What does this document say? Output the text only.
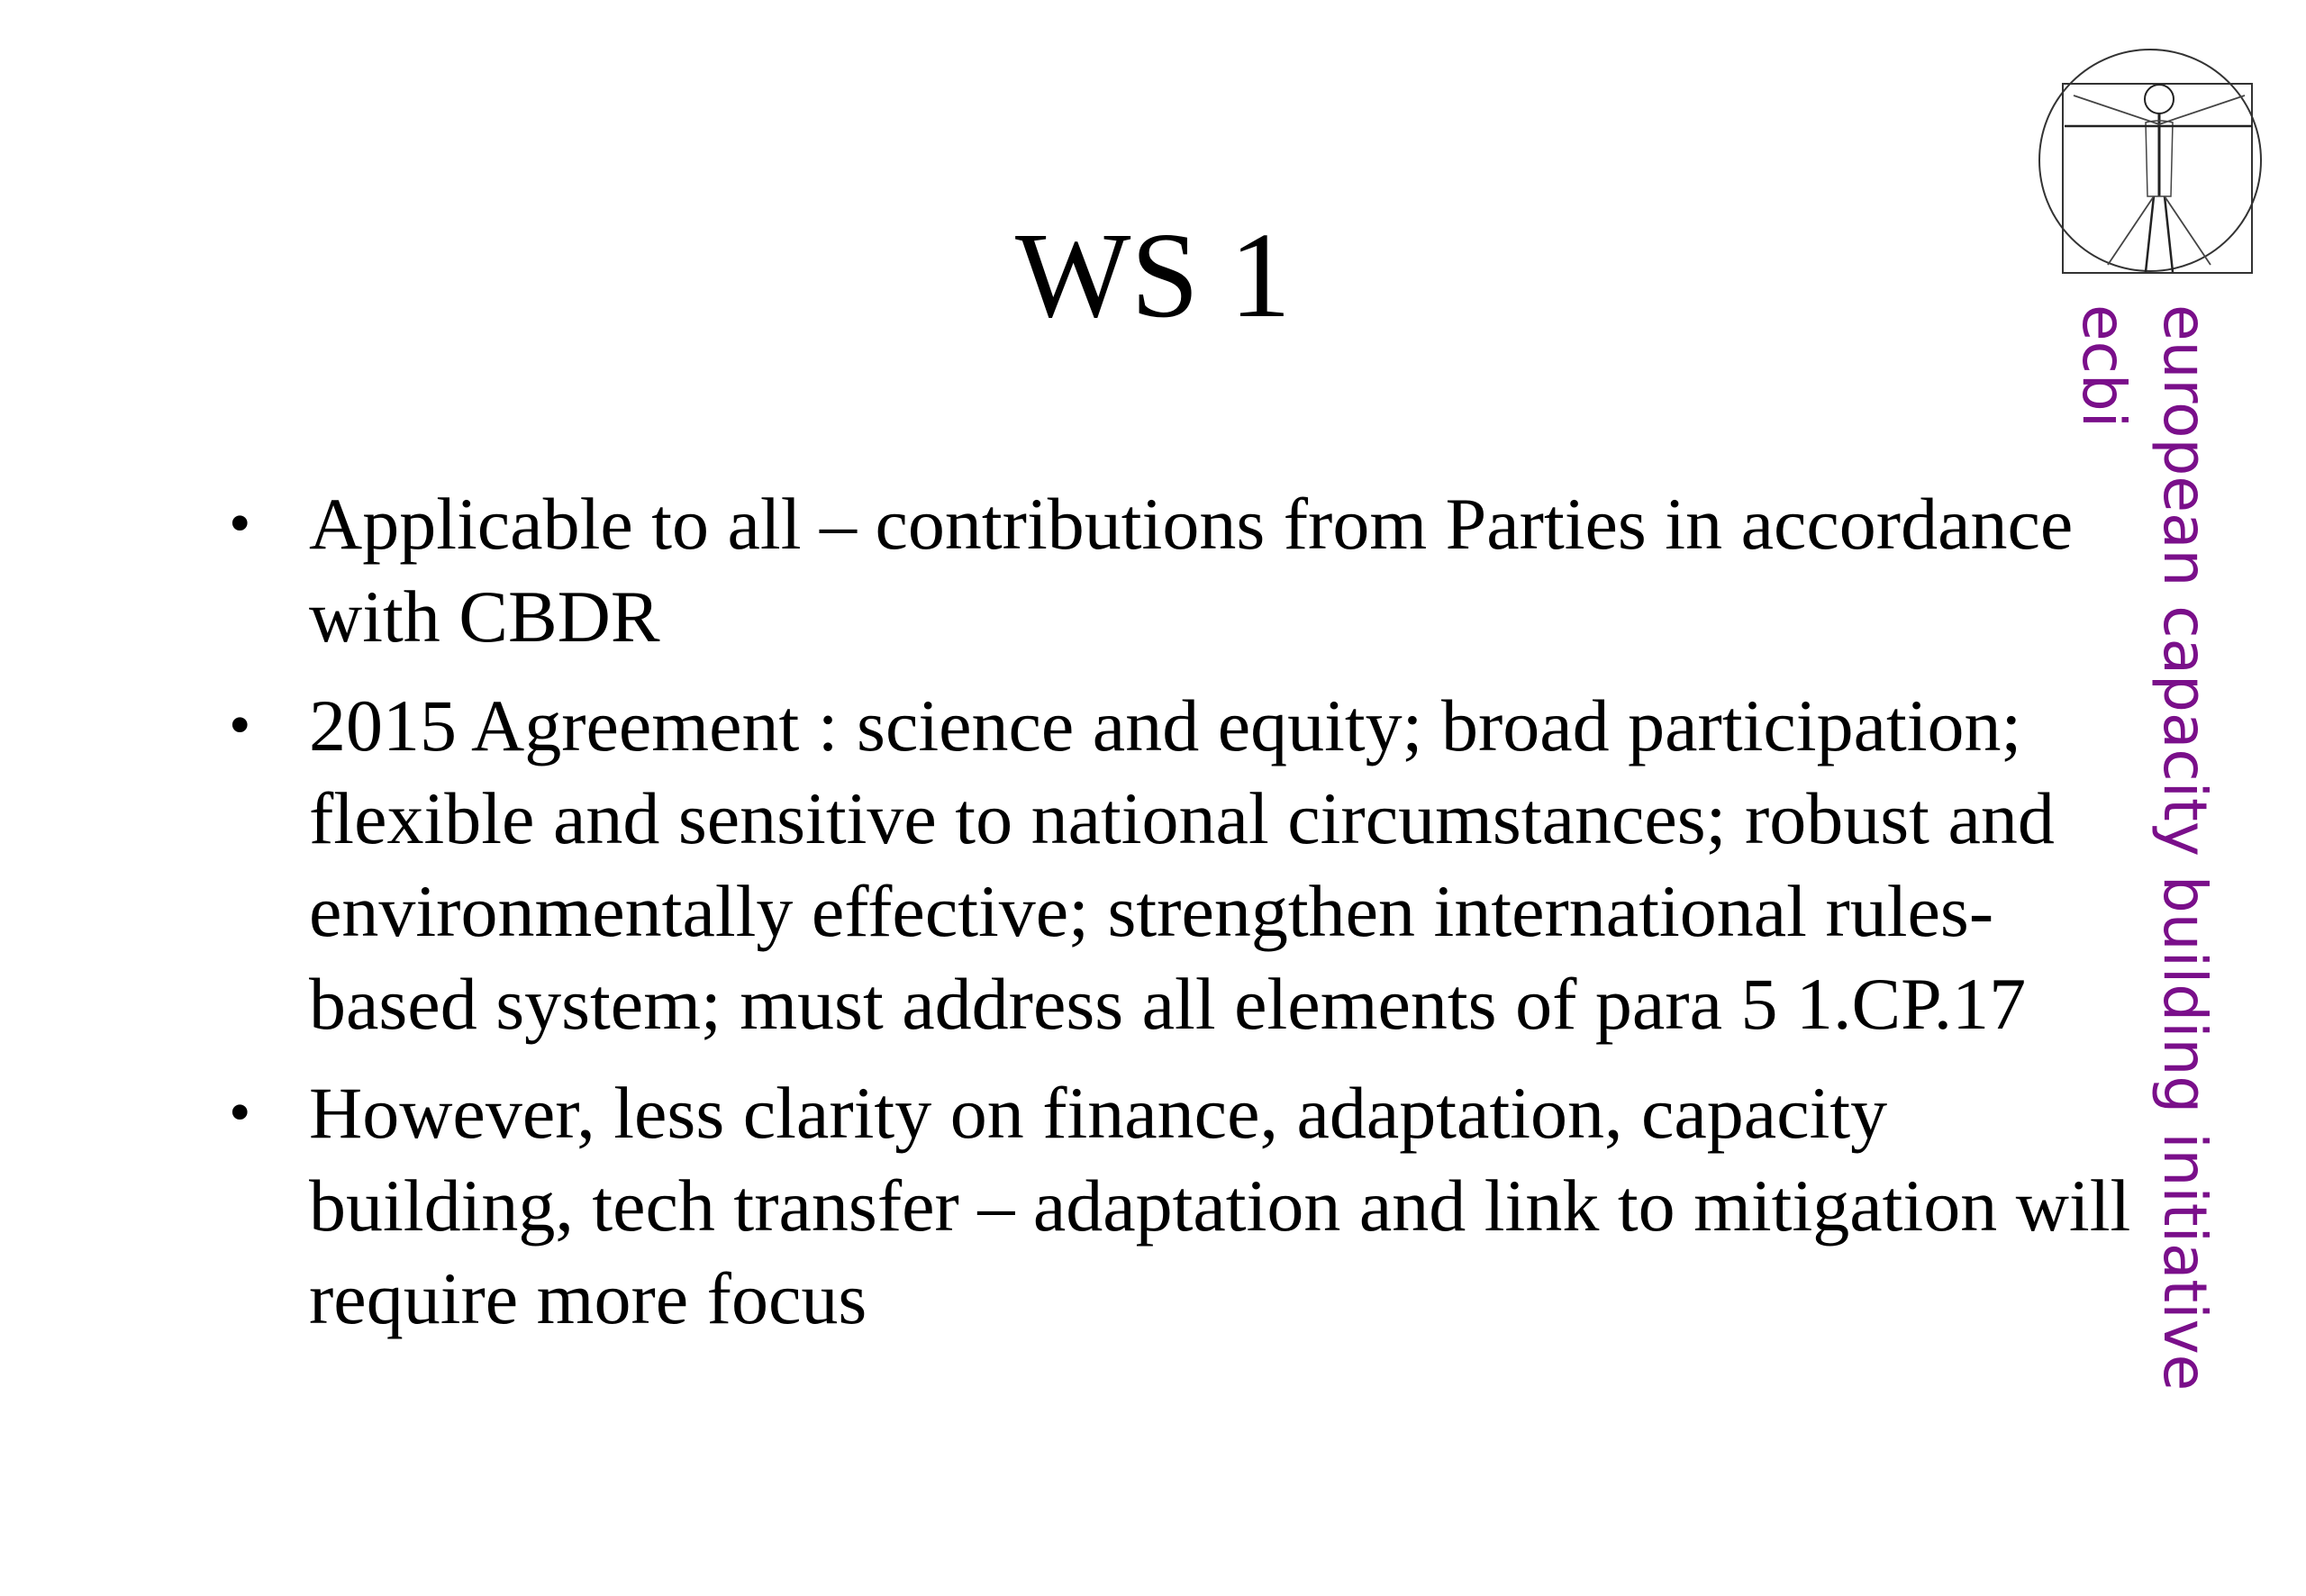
WS 1
• Applicable to all – contributions from Parties in accordance with CBDR
• 2015 Agreement : science and equity; broad participation; flexible and sensitive to national circumstances; robust and environmentally effective; strengthen international rules-based system; must address all elements of para 5 1.CP.17
• However, less clarity on finance, adaptation, capacity building, tech transfer – adaptation and link to mitigation will require more focus	european capacity building initiative
ecbi
